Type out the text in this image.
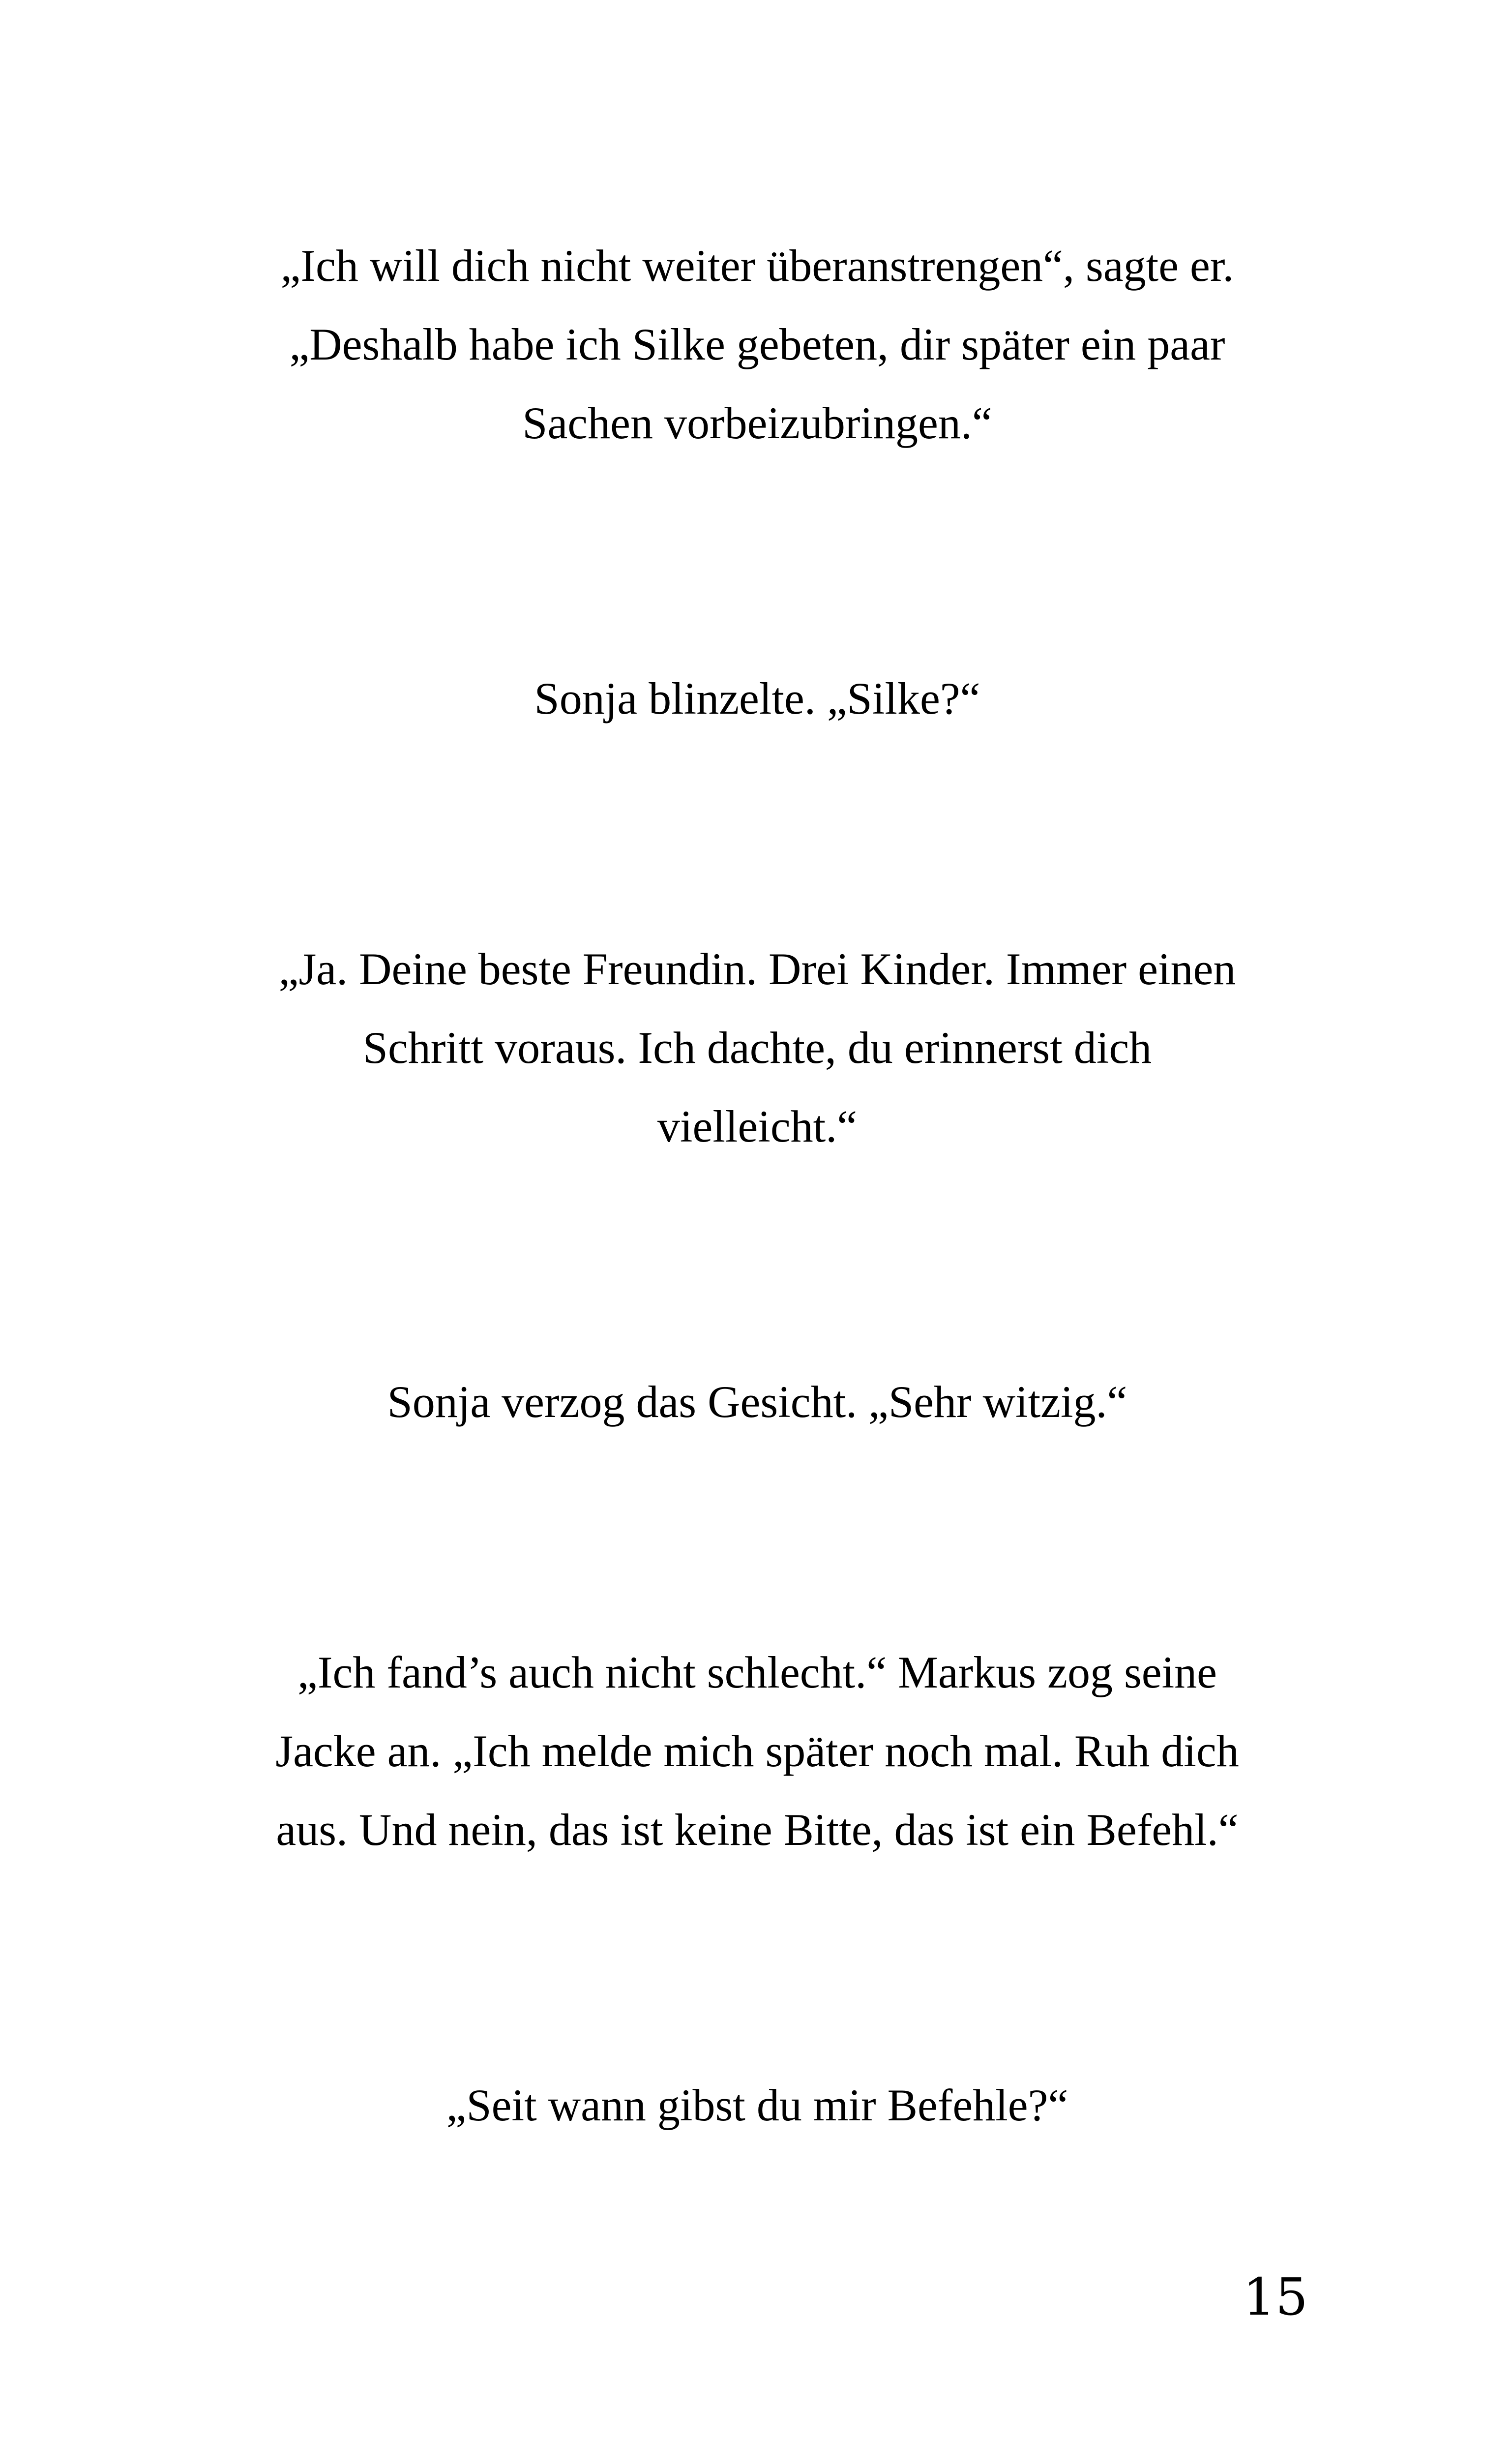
„Ich will dich nicht weiter überanstrengen“, sagte er.
„Deshalb habe ich Silke gebeten, dir später ein paar
Sachen vorbeizubringen.“

Sonja blinzelte. „Silke?“

„Ja. Deine beste Freundin. Drei Kinder. Immer einen
Schritt voraus. Ich dachte, du erinnerst dich
vielleicht.“

Sonja verzog das Gesicht. „Sehr witzig.“

„Ich fand’s auch nicht schlecht.“ Markus zog seine
Jacke an. „Ich melde mich später noch mal. Ruh dich
aus. Und nein, das ist keine Bitte, das ist ein Befehl.“

„Seit wann gibst du mir Befehle?“

15
